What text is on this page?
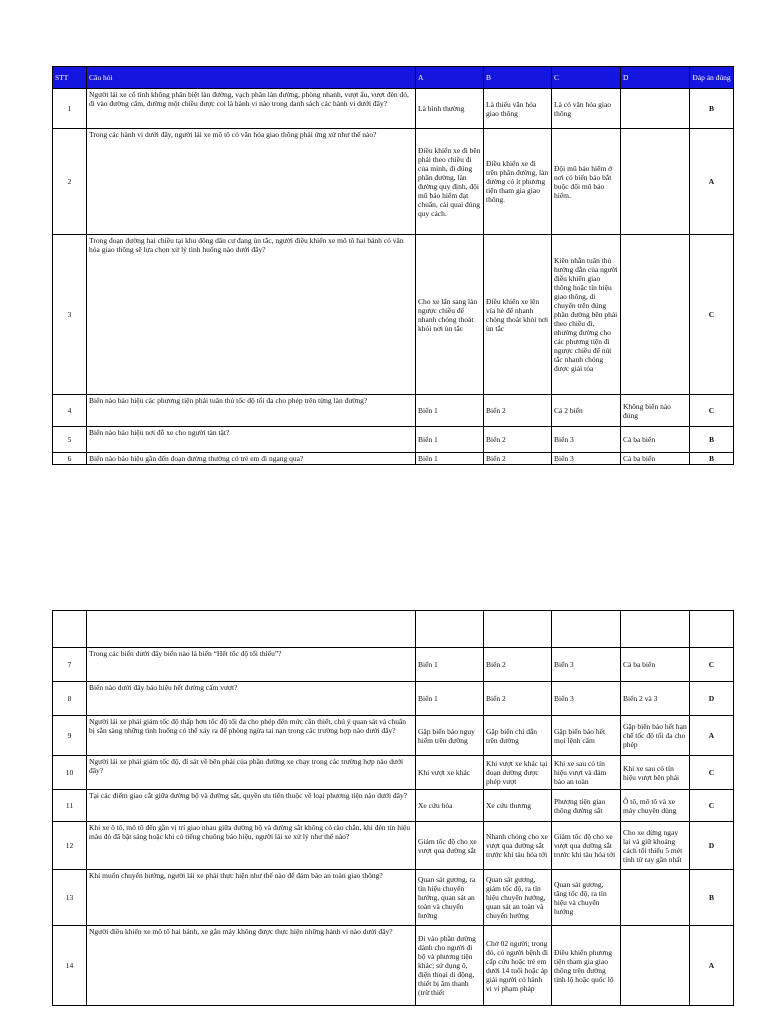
STT	Câu hỏi	A	B	C	D	Đáp án đúng
1	Người lái xe cố tình không phân biệt làn đường, vạch phân làn đường, phòng nhanh, vượt ẩu, vượt đèn đỏ, đi vào đường cấm, đường một chiều được coi là hành vi nào trong danh sách các hành vi dưới đây?	Là bình thường	Là thiếu văn hóa giao thông	Là có văn hóa giao thông		B
2	Trong các hành vi dưới đây, người lái xe mô tô có văn hóa giao thông phải ứng xử như thế nào?	Điều khiển xe đi bên phải theo chiều đi của mình, đi đúng phần đường, làn đường quy định, đội mũ bảo hiểm đạt chuẩn, cài quai đúng quy cách.	Điều khiển xe đi trên phần đường, làn đường có ít phương tiện tham gia giao thông.	Đội mũ bảo hiểm ở nơi có biển báo bắt buộc đội mũ bảo hiểm.		A
3	Trong đoạn đường hai chiều tại khu đông dân cư đang ùn tắc, người điều khiển xe mô tô hai bánh có văn hóa giao thông sẽ lựa chọn xử lý tình huống nào dưới đây?	Cho xe lấn sang làn ngược chiều để nhanh chóng thoát khỏi nơi ùn tắc	Điều khiển xe lên vỉa hè để nhanh chóng thoát khỏi nơi ùn tắc	Kiên nhẫn tuân thủ hướng dẫn của người điều khiển giao thông hoặc tín hiệu giao thông, di chuyển trên đúng phần đường bên phải theo chiều đi, nhường đường cho các phương tiện đi ngược chiều để nút tắc nhanh chóng được giải tỏa		C
4	Biển nào báo hiệu các phương tiện phải tuân thủ tốc độ tối đa cho phép trên từng làn đường?	Biển 1	Biển 2	Cả 2 biển	Không biển nào đúng	C
5	Biển nào báo hiệu nơi đỗ xe cho người tàn tật?	Biển 1	Biển 2	Biển 3	Cả ba biển	B
6	Biển nào báo hiệu gần đến đoạn đường thường có trẻ em đi ngang qua?	Biển 1	Biển 2	Biển 3	Cả ba biển	B

7	Trong các biển dưới đây biển nào là biển “Hết tốc độ tối thiểu”?	Biển 1	Biển 2	Biển 3	Cả ba biển	C
8	Biển nào dưới đây báo hiệu hết đường cấm vượt?	Biển 1	Biển 2	Biển 3	Biển 2 và 3	D
9	Người lái xe phải giảm tốc độ thấp hơn tốc độ tối đa cho phép đến mức cần thiết, chú ý quan sát và chuẩn bị sẵn sàng những tình huống có thể xảy ra để phòng ngừa tai nạn trong các trường hợp nào dưới đây?	Gặp biển báo nguy hiểm trên đường	Gặp biển chỉ dẫn trên đường	Gặp biển báo hết mọi lệnh cấm	Gặp biển báo hết hạn chế tốc độ tối đa cho phép	A
10	Người lái xe phải giảm tốc độ, đi sát về bên phải của phần đường xe chạy trong các trường hợp nào dưới đây?	Khi vượt xe khác	Khi vượt xe khác tại đoạn đường được phép vượt	Khi xe sau có tín hiệu vượt và đảm bảo an toàn	Khi xe sau có tín hiệu vượt bên phải	C
11	Tại các điểm giao cắt giữa đường bộ và đường sắt, quyền ưu tiên thuộc về loại phương tiện nào dưới đây?	Xe cứu hỏa	Xe cứu thương	Phương tiện giao thông đường sắt	Ô tô, mô tô và xe máy chuyên dùng	C
12	Khi xe ô tô, mô tô đến gần vị trí giao nhau giữa đường bộ và đường sắt không có rào chắn, khi đèn tín hiệu màu đỏ đã bật sáng hoặc khi có tiếng chuông báo hiệu, người lái xe xử lý như thế nào?	Giảm tốc độ cho xe vượt qua đường sắt	Nhanh chóng cho xe vượt qua đường sắt trước khi tàu hỏa tới	Giảm tốc độ cho xe vượt qua đường sắt trước khi tàu hỏa tới	Cho xe dừng ngay lại và giữ khoảng cách tối thiểu 5 mét tính từ ray gần nhất	D
13	Khi muốn chuyển hướng, người lái xe phải thực hiện như thế nào để đảm bảo an toàn giao thông?	Quan sát gương, ra tín hiệu chuyển hướng, quan sát an toàn và chuyển hướng	Quan sát gương, giảm tốc độ, ra tín hiệu chuyển hướng, quan sát an toàn và chuyển hướng	Quan sát gương, tăng tốc độ, ra tín hiệu và chuyển hướng		B
14	Người điều khiển xe mô tô hai bánh, xe gắn máy không được thực hiện những hành vi nào dưới đây?	Đi vào phần đường dành cho người đi bộ và phương tiện khác; sử dụng ô, điện thoại di động, thiết bị âm thanh (trừ thiết	Chở 02 người; trong đó, có người bệnh đi cấp cứu hoặc trẻ em dưới 14 tuổi hoặc áp giải người có hành vi vi phạm pháp	Điều khiển phương tiện tham gia giao thông trên đường tỉnh lộ hoặc quốc lộ		A
